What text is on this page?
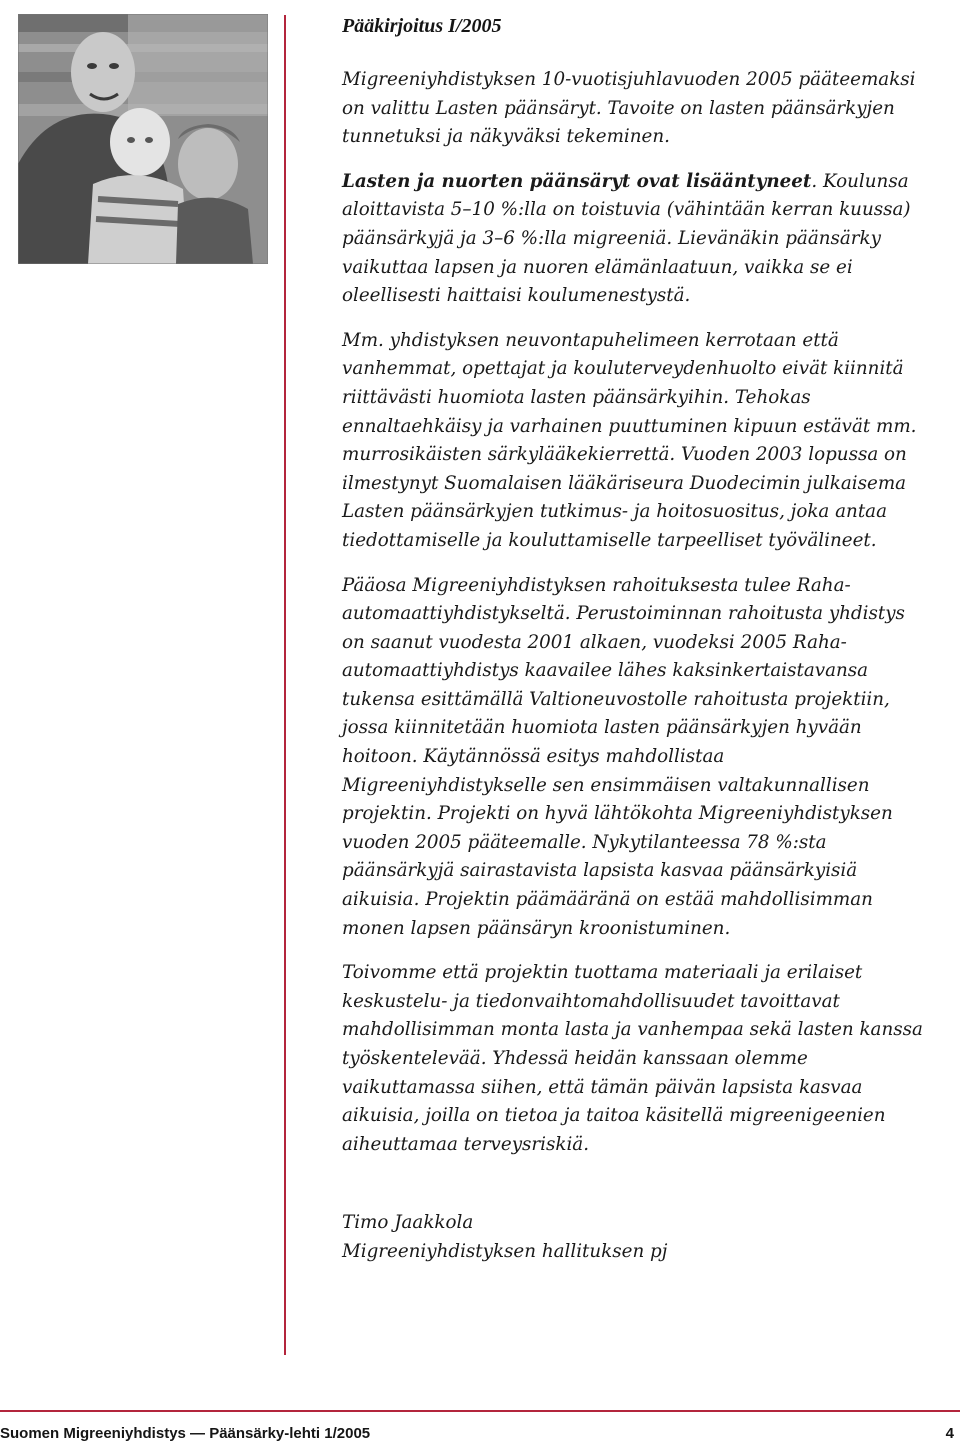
Pääkirjoitus I/2005

Migreeniyhdistyksen 10-vuotisjuhlavuoden 2005 pääteemaksi on valittu Lasten päänsäryt. Tavoite on lasten päänsärkyjen tunnetuksi ja näkyväksi tekeminen.

Lasten ja nuorten päänsäryt ovat lisääntyneet. Koulunsa aloittavista 5–10 %:lla on toistuvia (vähintään kerran kuussa) päänsärkyjä ja 3–6 %:lla migreeniä. Lievänäkin päänsärky vaikuttaa lapsen ja nuoren elämänlaatuun, vaikka se ei oleellisesti haittaisi koulumenestystä.

Mm. yhdistyksen neuvontapuhelimeen kerrotaan että vanhemmat, opettajat ja kouluterveydenhuolto eivät kiinnitä riittävästi huomiota lasten päänsärkyihin. Tehokas ennaltaehkäisy ja varhainen puuttuminen kipuun estävät mm. murrosikäisten särkylääkekierrettä. Vuoden 2003 lopussa on ilmestynyt Suomalaisen lääkäriseura Duodecimin julkaisema Lasten päänsärkyjen tutkimus- ja hoitosuositus, joka antaa tiedottamiselle ja kouluttamiselle tarpeelliset työvälineet.

Pääosa Migreeniyhdistyksen rahoituksesta tulee Raha-automaattiyhdistykseltä. Perustoiminnan rahoitusta yhdistys on saanut vuodesta 2001 alkaen, vuodeksi 2005 Raha-automaattiyhdistys kaavailee lähes kaksinkertaistavansa tukensa esittämällä Valtioneuvostolle rahoitusta projektiin, jossa kiinnitetään huomiota lasten päänsärkyjen hyvään hoitoon. Käytännössä esitys mahdollistaa Migreeniyhdistykselle sen ensimmäisen valtakunnallisen projektin. Projekti on hyvä lähtökohta Migreeniyhdistyksen vuoden 2005 pääteemalle. Nykytilanteessa 78 %:sta päänsärkyjä sairastavista lapsista kasvaa päänsärkyisiä aikuisia. Projektin päämääränä on estää mahdollisimman monen lapsen päänsäryn kroonistuminen.

Toivomme että projektin tuottama materiaali ja erilaiset keskustelu- ja tiedonvaihtomahdollisuudet tavoittavat mahdollisimman monta lasta ja vanhempaa sekä lasten kanssa työskentelevää. Yhdessä heidän kanssaan olemme vaikuttamassa siihen, että tämän päivän lapsista kasvaa aikuisia, joilla on tietoa ja taitoa käsitellä migreenigeenien aiheuttamaa terveysriskiä.

Timo Jaakkola
Migreeniyhdistyksen hallituksen pj
Suomen Migreeniyhdistys — Päänsärky-lehti 1/2005	4
